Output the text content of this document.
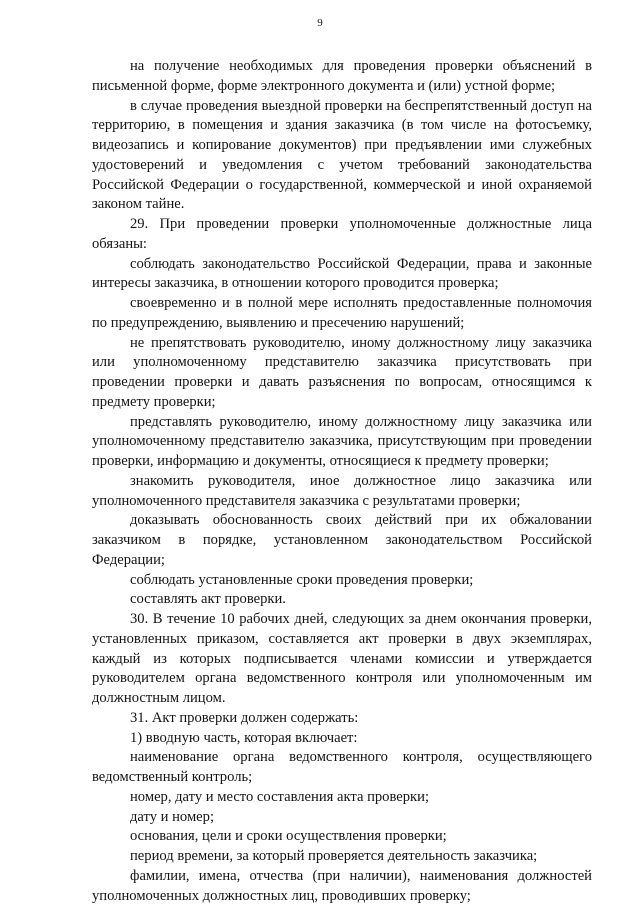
9

на получение необходимых для проведения проверки объяснений в письменной форме, форме электронного документа и (или) устной форме;

в случае проведения выездной проверки на беспрепятственный доступ на территорию, в помещения и здания заказчика (в том числе на фотосъемку, видеозапись и копирование документов) при предъявлении ими служебных удостоверений и уведомления с учетом требований законодательства Российской Федерации о государственной, коммерческой и иной охраняемой законом тайне.

29. При проведении проверки уполномоченные должностные лица обязаны:

соблюдать законодательство Российской Федерации, права и законные интересы заказчика, в отношении которого проводится проверка;

своевременно и в полной мере исполнять предоставленные полномочия по предупреждению, выявлению и пресечению нарушений;

не препятствовать руководителю, иному должностному лицу заказчика или уполномоченному представителю заказчика присутствовать при проведении проверки и давать разъяснения по вопросам, относящимся к предмету проверки;

представлять руководителю, иному должностному лицу заказчика или уполномоченному представителю заказчика, присутствующим при проведении проверки, информацию и документы, относящиеся к предмету проверки;

знакомить руководителя, иное должностное лицо заказчика или уполномоченного представителя заказчика с результатами проверки;

доказывать обоснованность своих действий при их обжаловании заказчиком в порядке, установленном законодательством Российской Федерации;

соблюдать установленные сроки проведения проверки;

составлять акт проверки.

30. В течение 10 рабочих дней, следующих за днем окончания проверки, установленных приказом, составляется акт проверки в двух экземплярах, каждый из которых подписывается членами комиссии и утверждается руководителем органа ведомственного контроля или уполномоченным им должностным лицом.

31. Акт проверки должен содержать:

1) вводную часть, которая включает:

наименование органа ведомственного контроля, осуществляющего ведомственный контроль;

номер, дату и место составления акта проверки;

дату и номер;

основания, цели и сроки осуществления проверки;

период времени, за который проверяется деятельность заказчика;

фамилии, имена, отчества (при наличии), наименования должностей уполномоченных должностных лиц, проводивших проверку;
